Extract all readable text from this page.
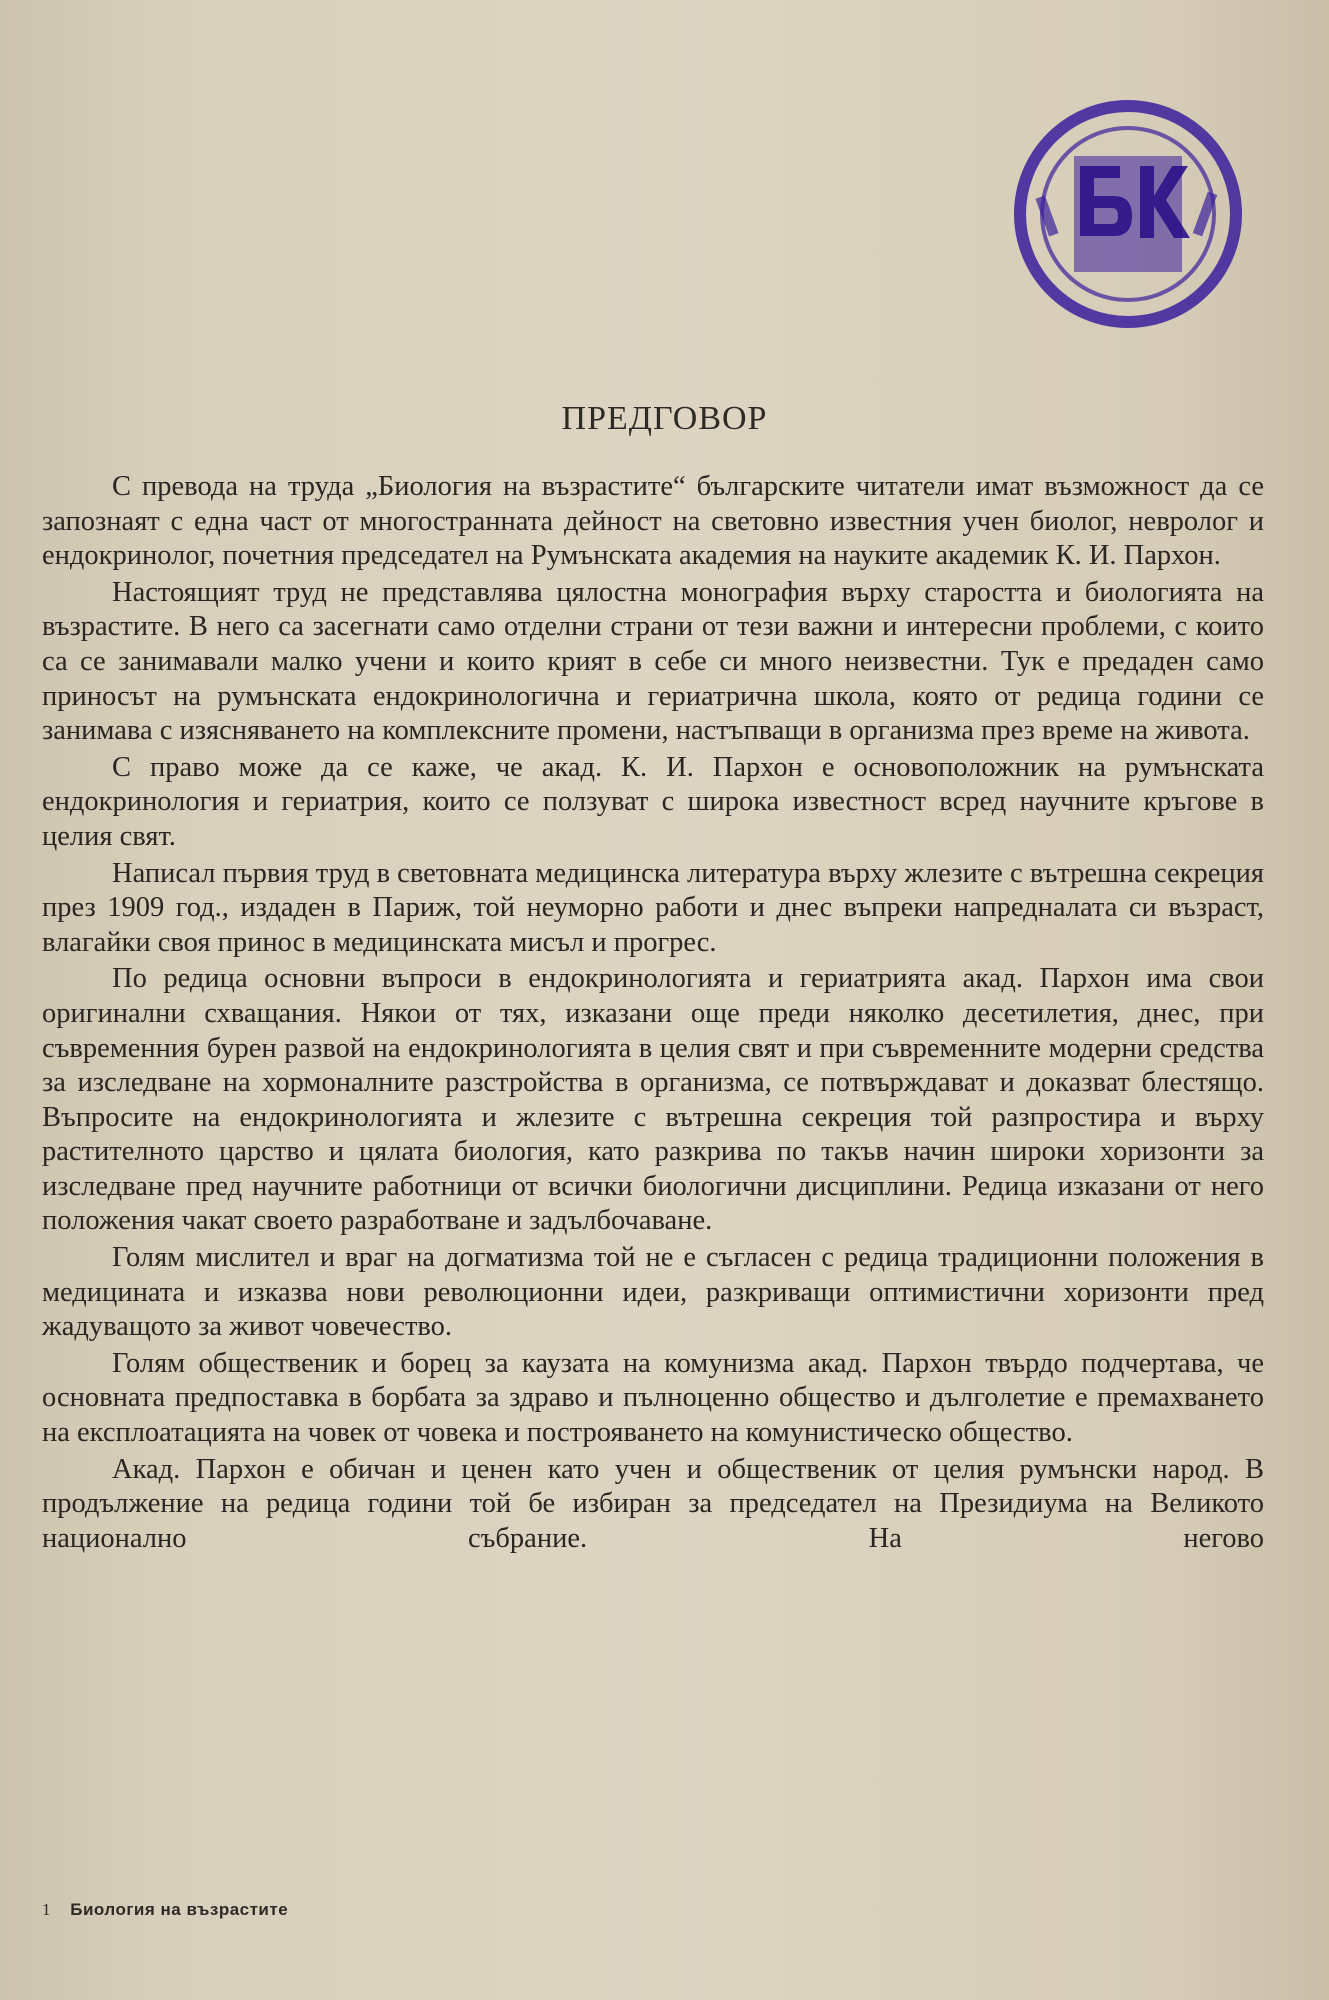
ПРЕДГОВОР

С превода на труда „Биология на възрастите“ българските читатели имат възможност да се запознаят с една част от многостранната дейност на световно известния учен биолог, невролог и ендокринолог, почетния председател на Румънската академия на науките академик К. И. Пархон.

Настоящият труд не представлява цялостна монография върху старостта и биологията на възрастите. В него са засегнати само отделни страни от тези важни и интересни проблеми, с които са се занимавали малко учени и които крият в себе си много неизвестни. Тук е предаден само приносът на румънската ендокринологична и гериатрична школа, която от редица години се занимава с изясняването на комплексните промени, настъпващи в организма през време на живота.

С право може да се каже, че акад. К. И. Пархон е основоположник на румънската ендокринология и гериатрия, които се ползуват с широка известност всред научните кръгове в целия свят.

Написал първия труд в световната медицинска литература върху жлезите с вътрешна секреция през 1909 год., издаден в Париж, той неуморно работи и днес въпреки напредналата си възраст, влагайки своя принос в медицинската мисъл и прогрес.

По редица основни въпроси в ендокринологията и гериатрията акад. Пархон има свои оригинални схващания. Някои от тях, изказани още преди няколко десетилетия, днес, при съвременния бурен развой на ендокринологията в целия свят и при съвременните модерни средства за изследване на хормоналните разстройства в организма, се потвърждават и доказват блестящо. Въпросите на ендокринологията и жлезите с вътрешна секреция той разпростира и върху растителното царство и цялата биология, като разкрива по такъв начин широки хоризонти за изследване пред научните работници от всички биологични дисциплини. Редица изказани от него положения чакат своето разработване и задълбочаване.

Голям мислител и враг на догматизма той не е съгласен с редица традиционни положения в медицината и изказва нови революционни идеи, разкриващи оптимистични хоризонти пред жадуващото за живот човечество.

Голям общественик и борец за каузата на комунизма акад. Пархон твърдо подчертава, че основната предпоставка в борбата за здраво и пълноценно общество и дълголетие е премахването на експлоатацията на човек от човека и построяването на комунистическо общество.

Акад. Пархон е обичан и ценен като учен и общественик от целия румънски народ. В продължение на редица години той бе избиран за председател на Президиума на Великото национално събрание. На негово

1 Биология на възрастите
